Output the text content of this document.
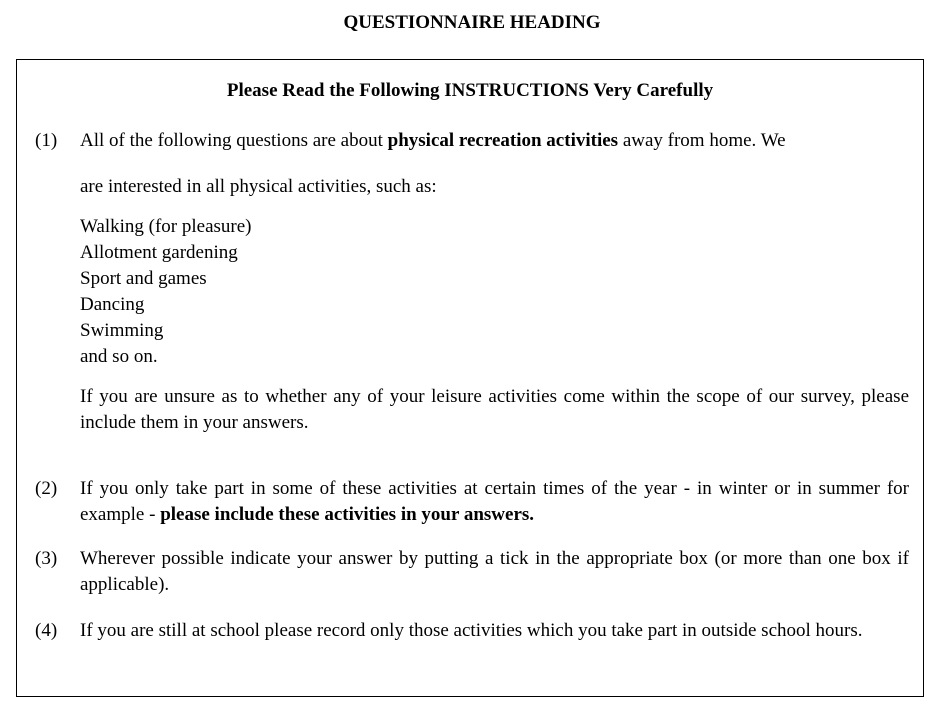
QUESTIONNAIRE HEADING
Please Read the Following INSTRUCTIONS Very Carefully
(1) All of the following questions are about physical recreation activities away from home. We
are interested in all physical activities, such as:
Walking (for pleasure)
Allotment gardening
Sport and games
Dancing
Swimming
and so on.

If you are unsure as to whether any of your leisure activities come within the scope of our survey, please include them in your answers.

(2) If you only take part in some of these activities at certain times of the year - in winter or in summer for example - please include these activities in your answers.

(3) Wherever possible indicate your answer by putting a tick in the appropriate box (or more than one box if applicable).

(4) If you are still at school please record only those activities which you take part in outside school hours.
